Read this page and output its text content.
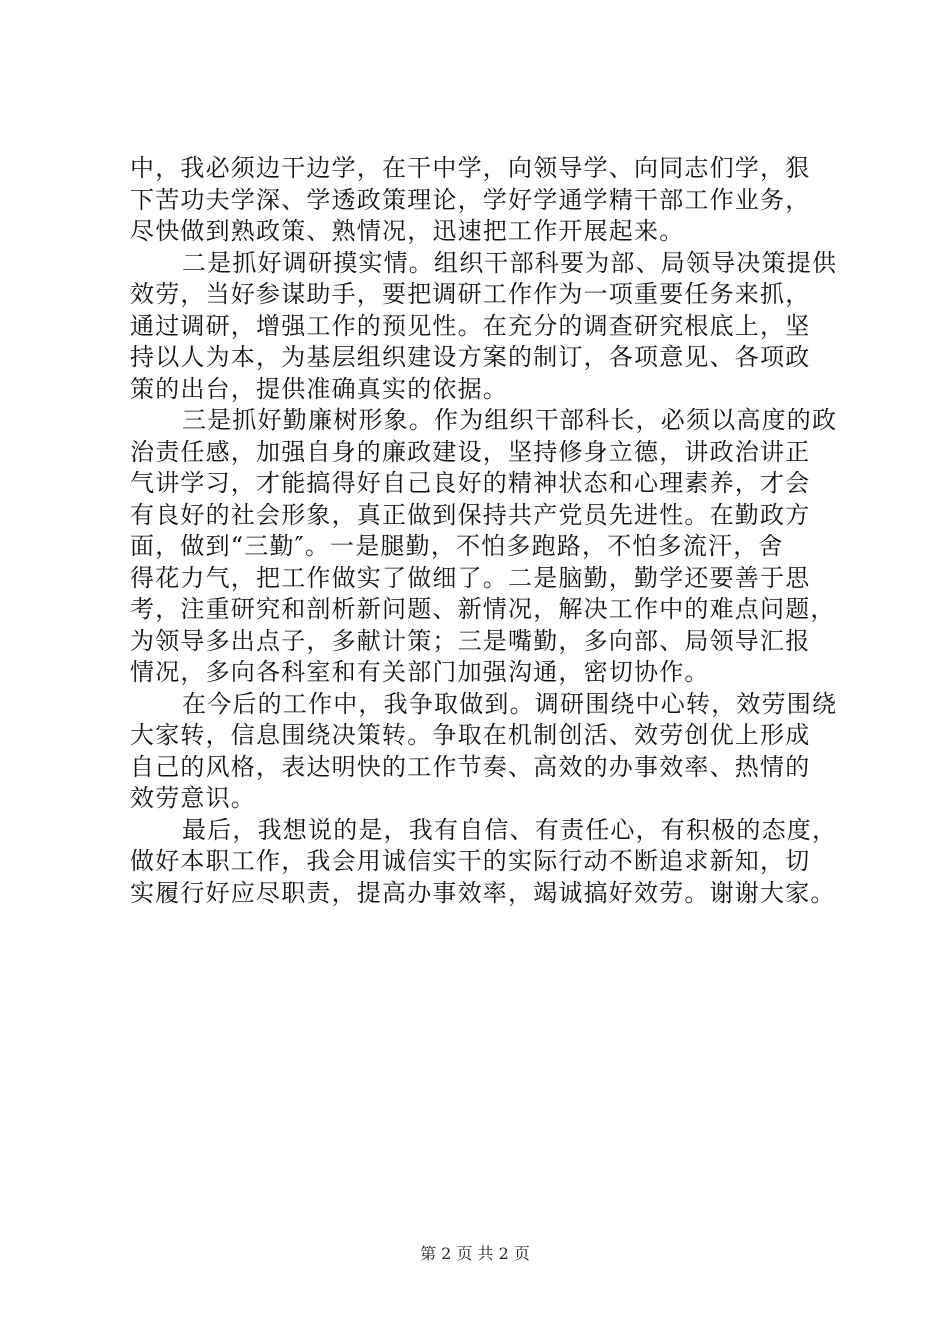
中，我必须边干边学，在干中学，向领导学、向同志们学，狠
下苦功夫学深、学透政策理论，学好学通学精干部工作业务，
尽快做到熟政策、熟情况，迅速把工作开展起来。
二是抓好调研摸实情。组织干部科要为部、局领导决策提供
效劳，当好参谋助手，要把调研工作作为一项重要任务来抓，
通过调研，增强工作的预见性。在充分的调查研究根底上，坚
持以人为本，为基层组织建设方案的制订，各项意见、各项政
策的出台，提供准确真实的依据。
三是抓好勤廉树形象。作为组织干部科长，必须以高度的政
治责任感，加强自身的廉政建设，坚持修身立德，讲政治讲正
气讲学习，才能搞得好自己良好的精神状态和心理素养，才会
有良好的社会形象，真正做到保持共产党员先进性。在勤政方
面，做到“三勤″。一是腿勤，不怕多跑路，不怕多流汗，舍
得花力气，把工作做实了做细了。二是脑勤，勤学还要善于思
考，注重研究和剖析新问题、新情况，解决工作中的难点问题，
为领导多出点子，多献计策；三是嘴勤，多向部、局领导汇报
情况，多向各科室和有关部门加强沟通，密切协作。
在今后的工作中，我争取做到。调研围绕中心转，效劳围绕
大家转，信息围绕决策转。争取在机制创活、效劳创优上形成
自己的风格，表达明快的工作节奏、高效的办事效率、热情的
效劳意识。
最后，我想说的是，我有自信、有责任心，有积极的态度，
做好本职工作，我会用诚信实干的实际行动不断追求新知，切
实履行好应尽职责，提高办事效率，竭诚搞好效劳。谢谢大家。
第 2 页 共 2 页
